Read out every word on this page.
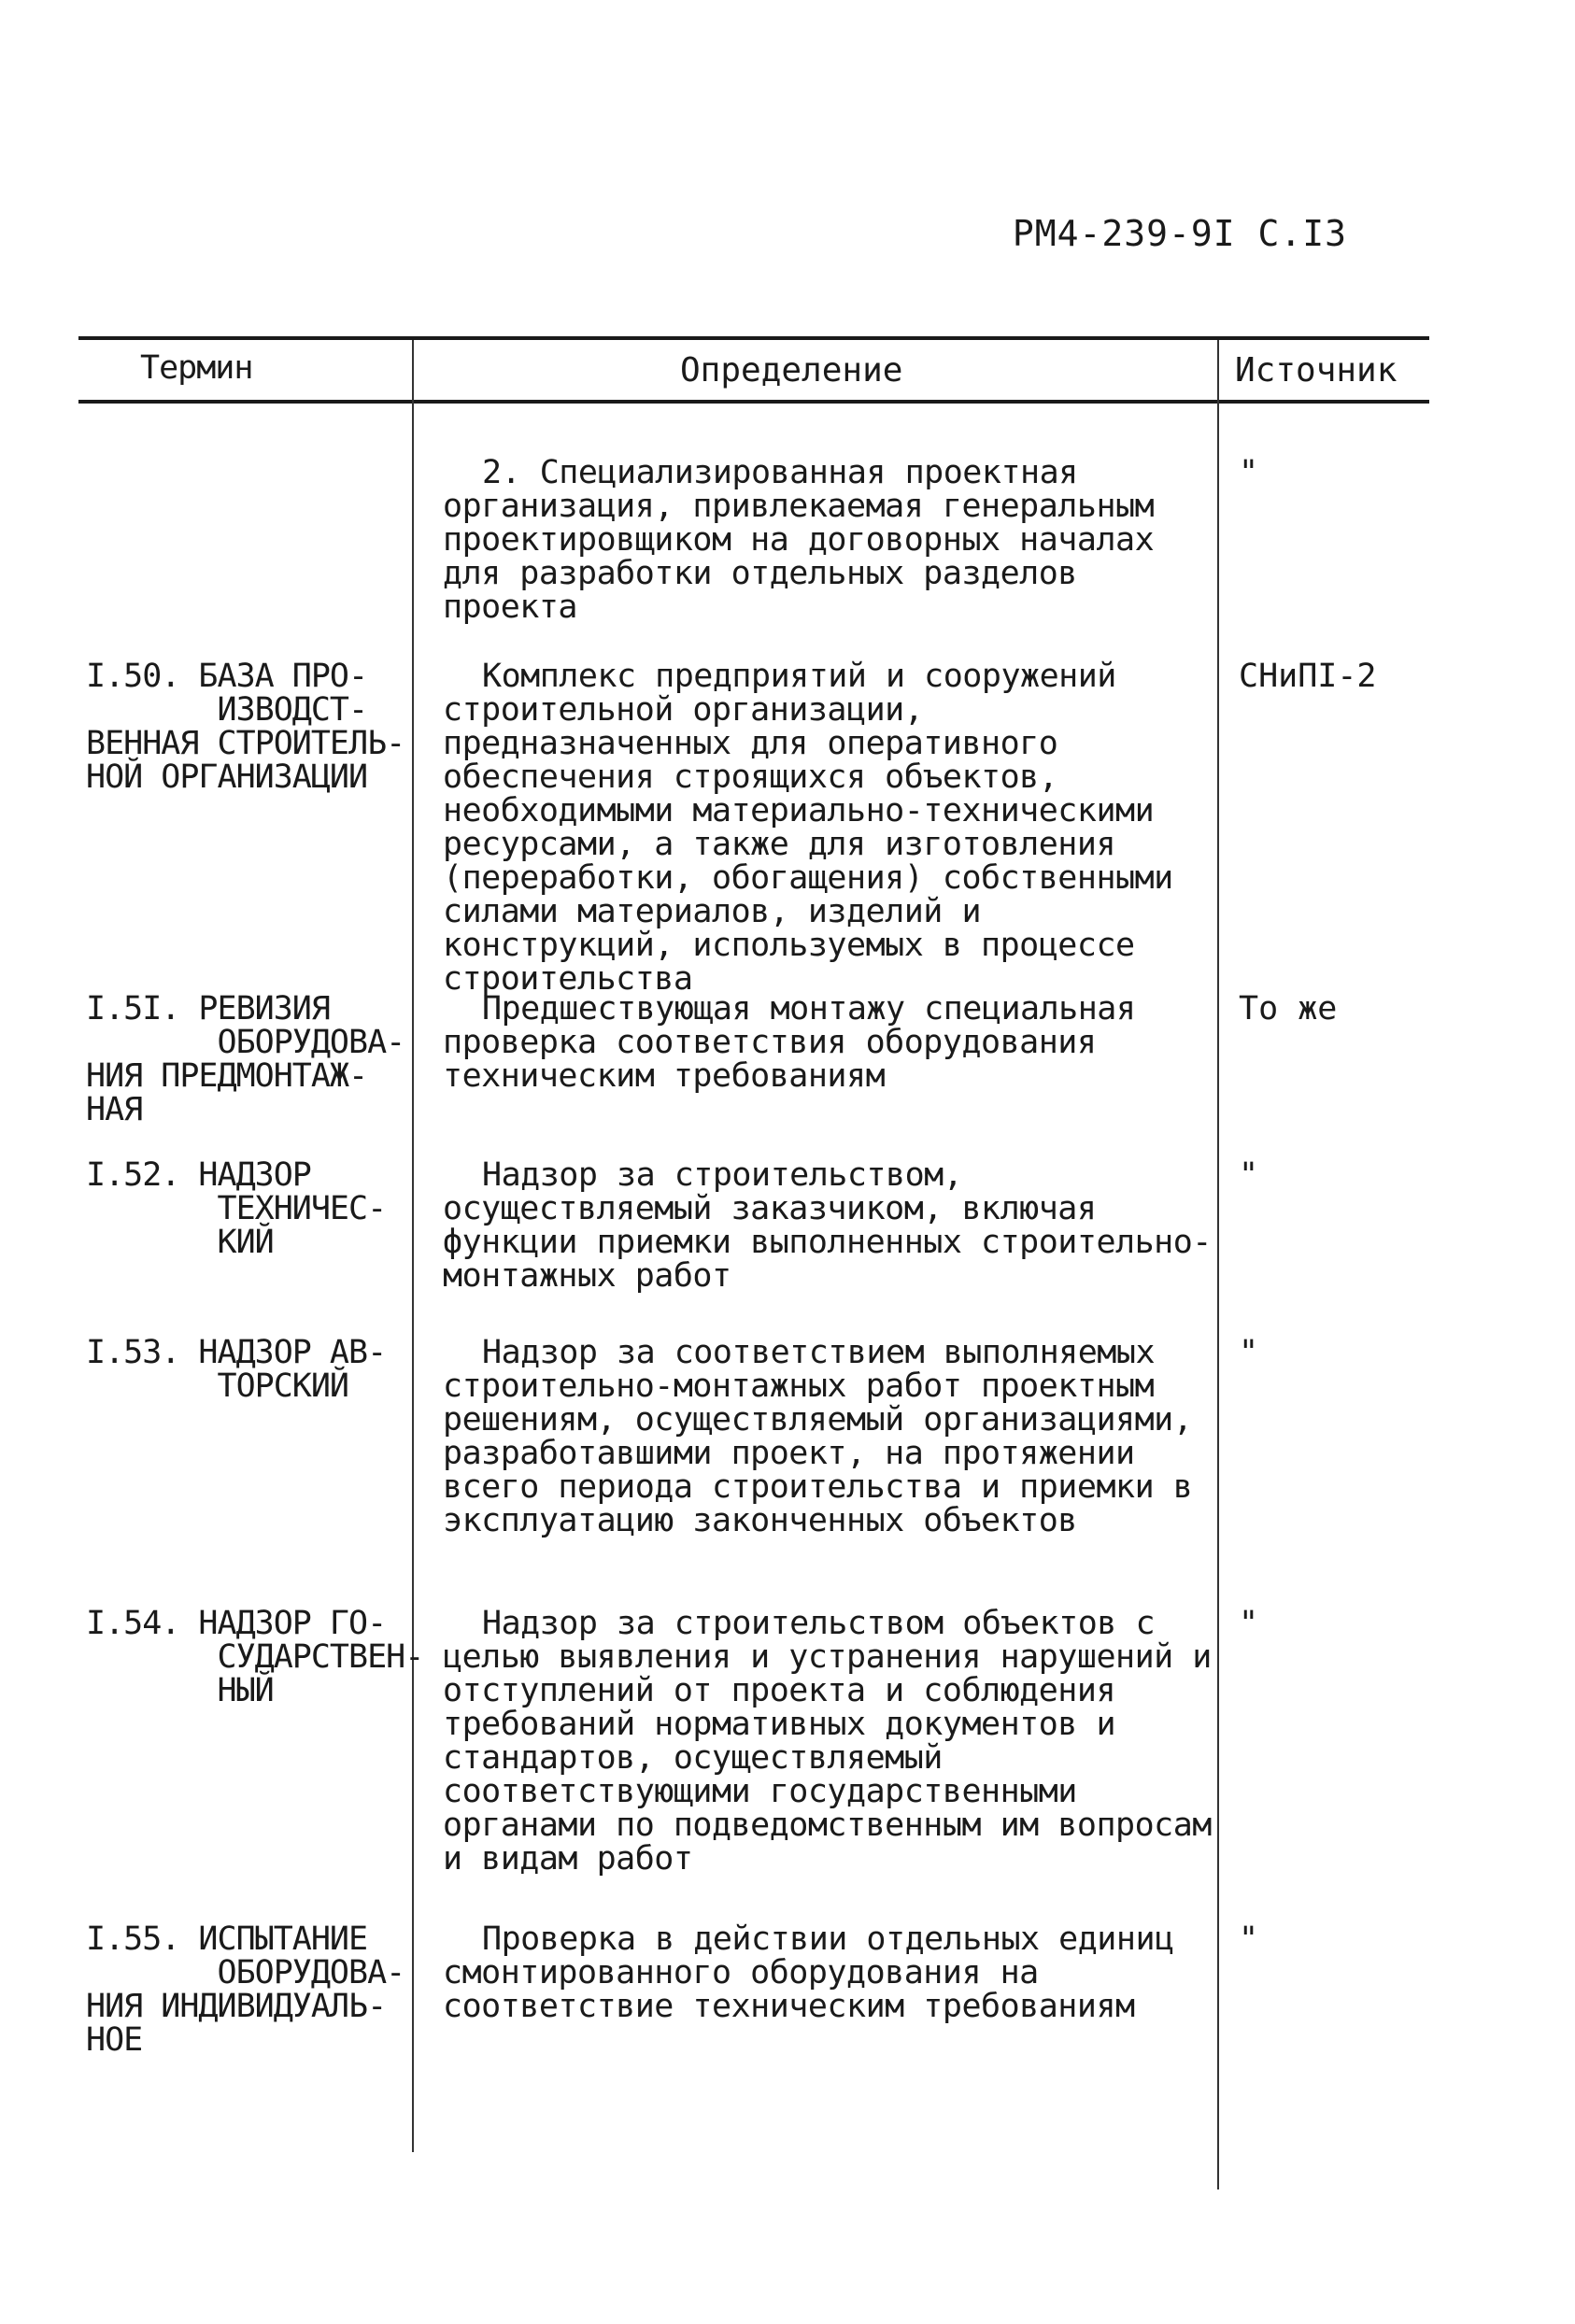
РМ4-239-9I С.I3
Термин	Определение	Источник
2. Специализированная проектная организация, привлекаемая генеральным проектировщиком на договорных началах для разработки отдельных разделов проекта
"
I.50. БАЗА ПРО-
ИЗВОДСТ-
ВЕННАЯ СТРОИТЕЛЬ-
НОЙ ОРГАНИЗАЦИИ
Комплекс предприятий и сооружений строительной организации, предназначенных для оперативного обеспечения строящихся объектов, необходимыми материально-техническими ресурсами, а также для изготовления (переработки, обогащения) собственными силами материалов, изделий и конструкций, используемых в процессе строительства
СНиПI-2
I.5I. РЕВИЗИЯ
ОБОРУДОВА-
НИЯ ПРЕДМОНТАЖ-
НАЯ
Предшествующая монтажу специальная проверка соответствия оборудования техническим требованиям
То же
I.52. НАДЗОР
ТЕХНИЧЕС-
КИЙ
Надзор за строительством, осуществляемый заказчиком, включая функции приемки выполненных строительно-монтажных работ
"
I.53. НАДЗОР АВ-
ТОРСКИЙ
Надзор за соответствием выполняемых строительно-монтажных работ проектным решениям, осуществляемый организациями, разработавшими проект, на протяжении всего периода строительства и приемки в эксплуатацию законченных объектов
"
I.54. НАДЗОР ГО-
СУДАРСТВЕН-
НЫЙ
Надзор за строительством объектов с целью выявления и устранения нарушений и отступлений от проекта и соблюдения требований нормативных документов и стандартов, осуществляемый соответствующими государственными органами по подведомственным им вопросам и видам работ
"
I.55. ИСПЫТАНИЕ
ОБОРУДОВА-
НИЯ ИНДИВИДУАЛЬ-
НОЕ
Проверка в действии отдельных единиц смонтированного оборудования на соответствие техническим требованиям
"
